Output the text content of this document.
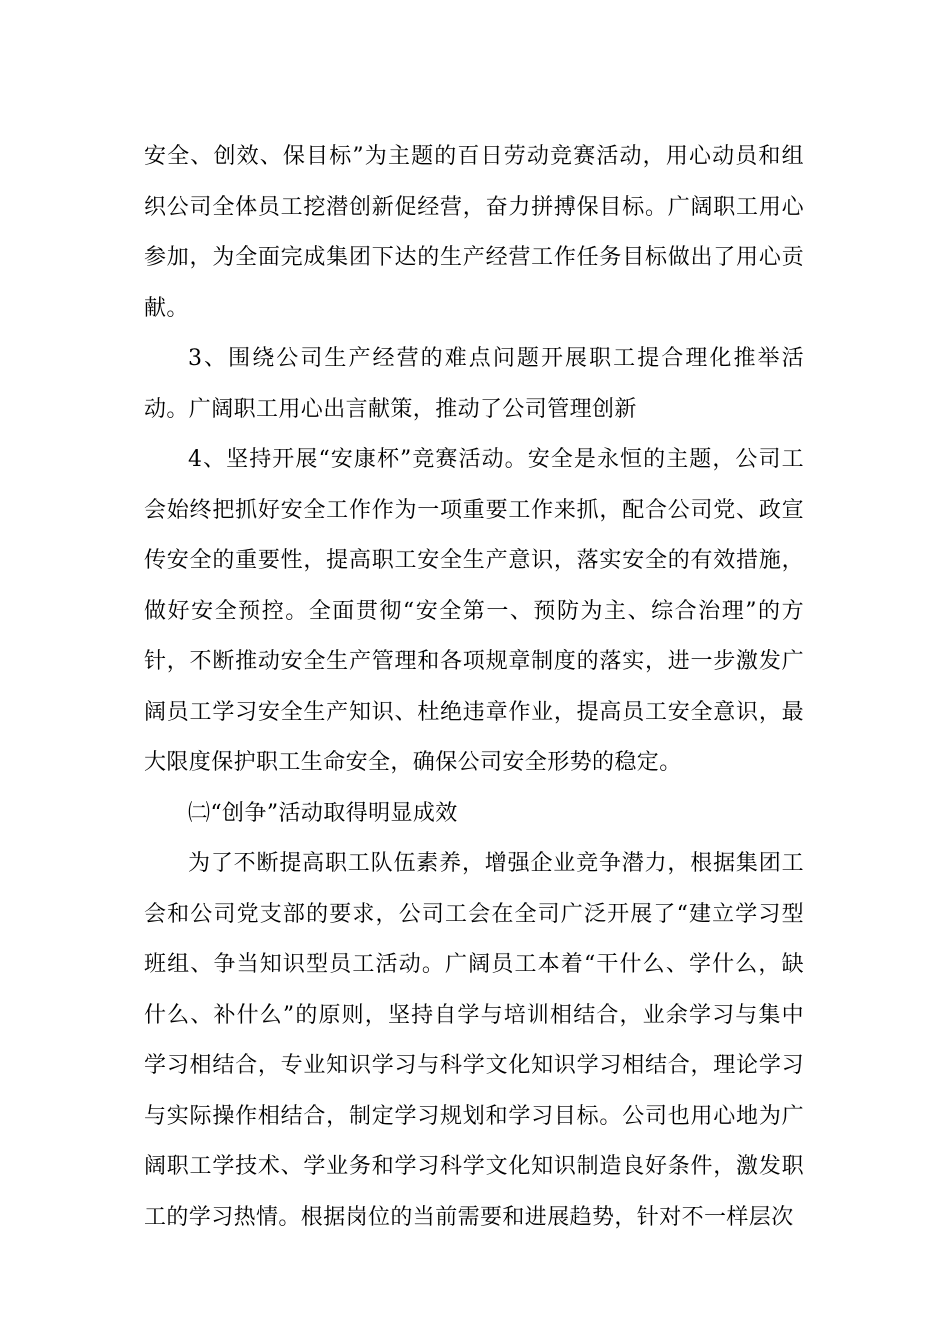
安全、创效、保目标”为主题的百日劳动竞赛活动，用心动员和组织公司全体员工挖潜创新促经营，奋力拼搏保目标。广阔职工用心参加，为全面完成集团下达的生产经营工作任务目标做出了用心贡献。

3、围绕公司生产经营的难点问题开展职工提合理化推举活动。广阔职工用心出言献策，推动了公司管理创新

4、坚持开展“安康杯”竞赛活动。安全是永恒的主题，公司工会始终把抓好安全工作作为一项重要工作来抓，配合公司党、政宣传安全的重要性，提高职工安全生产意识，落实安全的有效措施，做好安全预控。全面贯彻“安全第一、预防为主、综合治理”的方针，不断推动安全生产管理和各项规章制度的落实，进一步激发广阔员工学习安全生产知识、杜绝违章作业，提高员工安全意识，最大限度保护职工生命安全，确保公司安全形势的稳定。

㈡“创争”活动取得明显成效

为了不断提高职工队伍素养，增强企业竞争潜力，根据集团工会和公司党支部的要求，公司工会在全司广泛开展了“建立学习型班组、争当知识型员工活动。广阔员工本着“干什么、学什么，缺什么、补什么”的原则，坚持自学与培训相结合，业余学习与集中学习相结合，专业知识学习与科学文化知识学习相结合，理论学习与实际操作相结合，制定学习规划和学习目标。公司也用心地为广阔职工学技术、学业务和学习科学文化知识制造良好条件，激发职工的学习热情。根据岗位的当前需要和进展趋势，针对不一样层次
